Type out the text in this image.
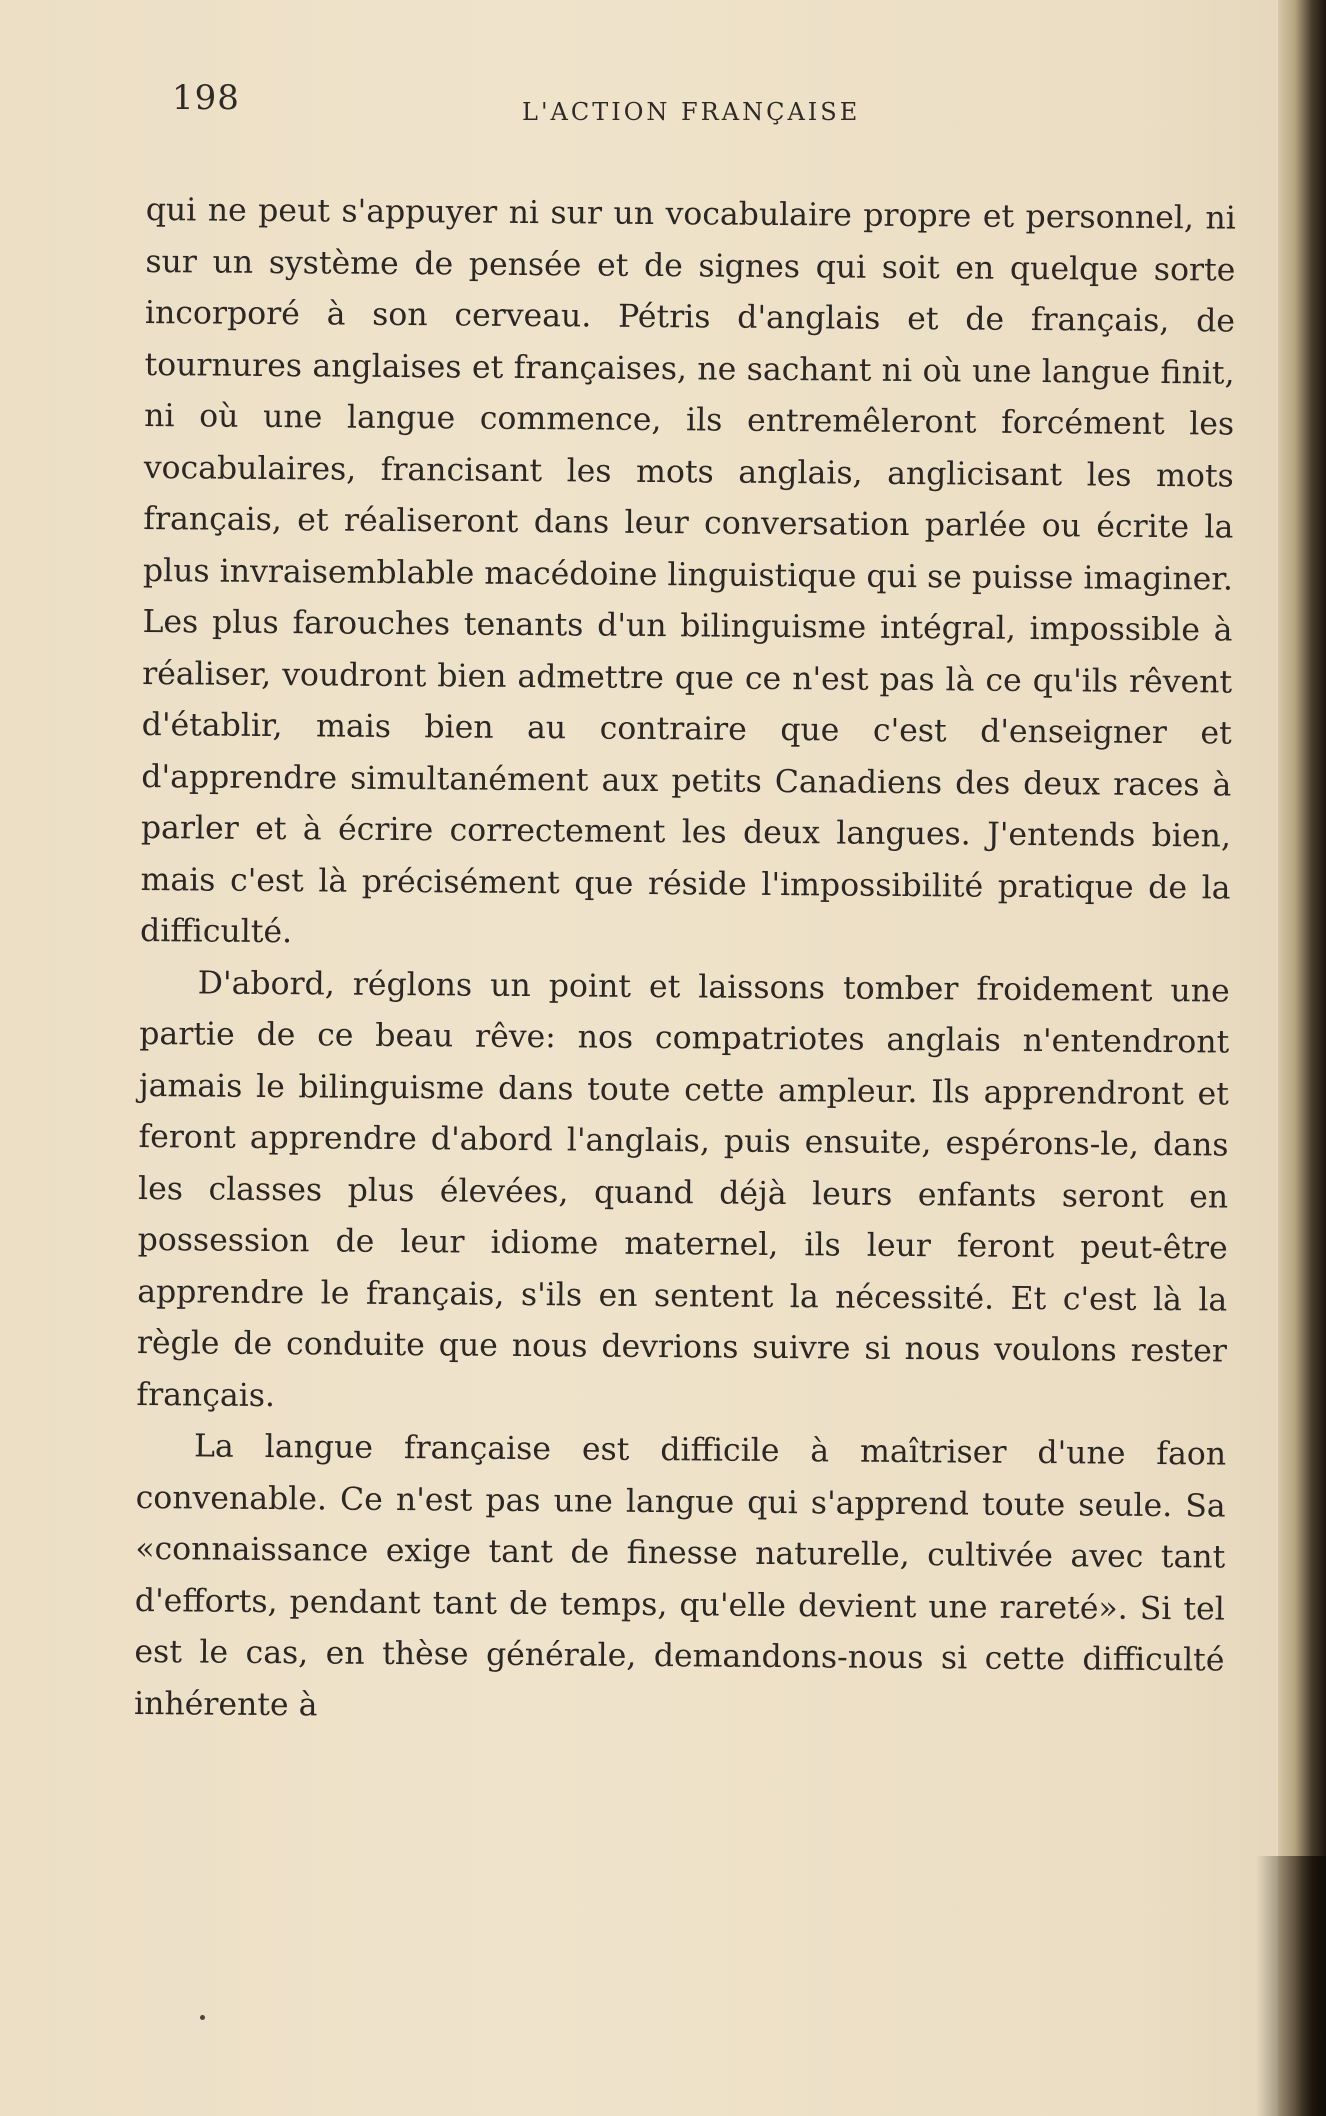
198	L'ACTION FRANÇAISE

qui ne peut s'appuyer ni sur un vocabulaire propre et personnel, ni sur un système de pensée et de signes qui soit en quelque sorte incorporé à son cerveau. Pétris d'anglais et de français, de tournures anglaises et françaises, ne sachant ni où une langue finit, ni où une langue commence, ils entremêleront forcément les vocabulaires, francisant les mots anglais, anglicisant les mots français, et réaliseront dans leur conversation parlée ou écrite la plus invraisemblable macédoine linguistique qui se puisse imaginer. Les plus farouches tenants d'un bilinguisme intégral, impossible à réaliser, voudront bien admettre que ce n'est pas là ce qu'ils rêvent d'établir, mais bien au contraire que c'est d'enseigner et d'apprendre simultanément aux petits Canadiens des deux races à parler et à écrire correctement les deux langues. J'entends bien, mais c'est là précisément que réside l'impossibilité pratique de la difficulté.

D'abord, réglons un point et laissons tomber froidement une partie de ce beau rêve: nos compatriotes anglais n'entendront jamais le bilinguisme dans toute cette ampleur. Ils apprendront et feront apprendre d'abord l'anglais, puis ensuite, espérons-le, dans les classes plus élevées, quand déjà leurs enfants seront en possession de leur idiome maternel, ils leur feront peut-être apprendre le français, s'ils en sentent la nécessité. Et c'est là la règle de conduite que nous devrions suivre si nous voulons rester français.

La langue française est difficile à maîtriser d'une faon convenable. Ce n'est pas une langue qui s'apprend toute seule. Sa «connaissance exige tant de finesse naturelle, cultivée avec tant d'efforts, pendant tant de temps, qu'elle devient une rareté». Si tel est le cas, en thèse générale, demandons-nous si cette difficulté inhérente à
